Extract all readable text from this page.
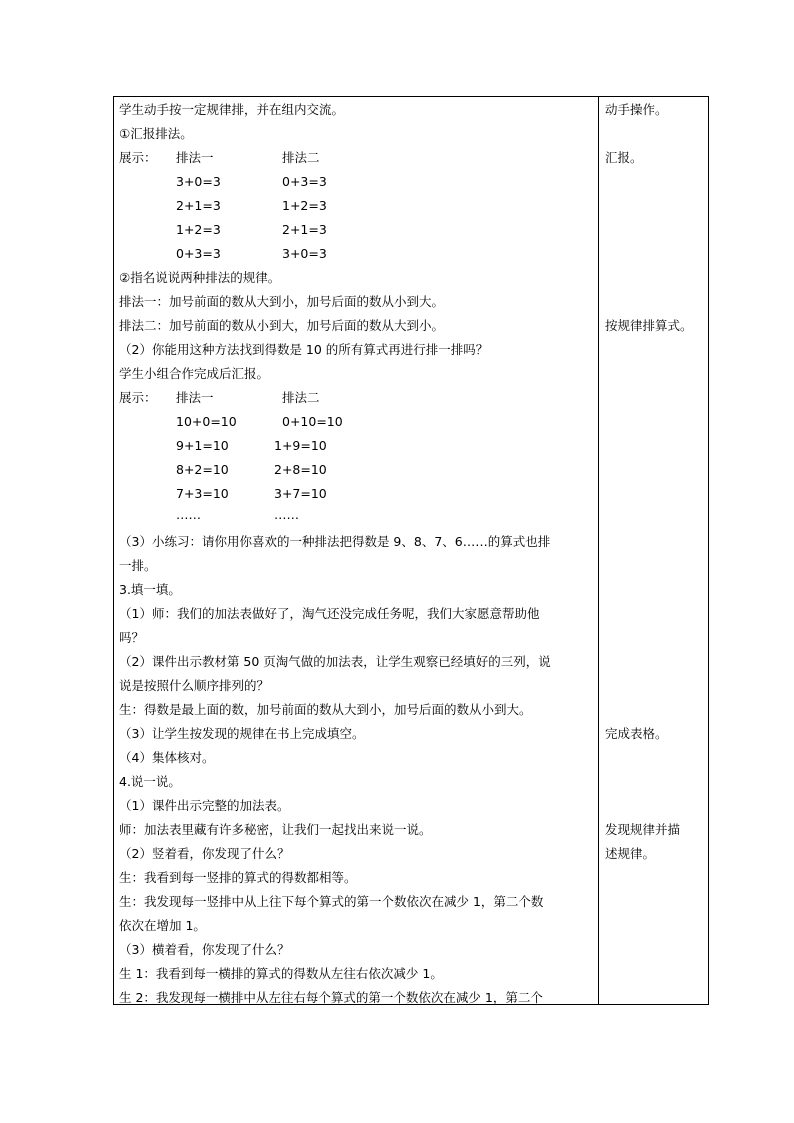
学生动手按一定规律排，并在组内交流。
①汇报排法。
展示： 排法一	排法二
3+0=3	0+3=3
2+1=3	1+2=3
1+2=3	2+1=3
0+3=3	3+0=3
②指名说说两种排法的规律。
排法一：加号前面的数从大到小，加号后面的数从小到大。
排法二：加号前面的数从小到大，加号后面的数从大到小。
（2）你能用这种方法找到得数是 10 的所有算式再进行排一排吗？
学生小组合作完成后汇报。
展示： 排法一	排法二
10+0=10	0+10=10
9+1=10	1+9=10
8+2=10	2+8=10
7+3=10	3+7=10
……	……
（3）小练习：请你用你喜欢的一种排法把得数是 9、8、7、6……的算式也排
一排。
3.填一填。
（1）师：我们的加法表做好了，淘气还没完成任务呢，我们大家愿意帮助他
吗？
（2）课件出示教材第 50 页淘气做的加法表，让学生观察已经填好的三列，说
说是按照什么顺序排列的？
生：得数是最上面的数，加号前面的数从大到小，加号后面的数从小到大。
（3）让学生按发现的规律在书上完成填空。
（4）集体核对。
4.说一说。
（1）课件出示完整的加法表。
师：加法表里藏有许多秘密，让我们一起找出来说一说。
（2）竖着看，你发现了什么？
生：我看到每一竖排的算式的得数都相等。
生：我发现每一竖排中从上往下每个算式的第一个数依次在减少 1，第二个数
依次在增加 1。
（3）横着看，你发现了什么？
生 1：我看到每一横排的算式的得数从左往右依次减少 1。
生 2：我发现每一横排中从左往右每个算式的第一个数依次在减少 1，第二个
动手操作。
汇报。
按规律排算式。
完成表格。
发现规律并描
述规律。
